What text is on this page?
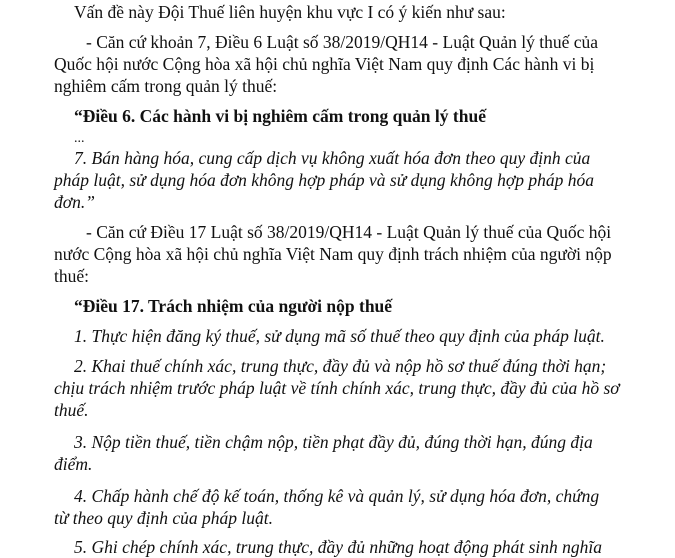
Vấn đề này Đội Thuế liên huyện khu vực I có ý kiến như sau:
- Căn cứ khoản 7, Điều 6 Luật số 38/2019/QH14 - Luật Quản lý thuế của
Quốc hội nước Cộng hòa xã hội chủ nghĩa Việt Nam quy định Các hành vi bị
nghiêm cấm trong quản lý thuế:
“Điều 6. Các hành vi bị nghiêm cấm trong quản lý thuế
...
7. Bán hàng hóa, cung cấp dịch vụ không xuất hóa đơn theo quy định của
pháp luật, sử dụng hóa đơn không hợp pháp và sử dụng không hợp pháp hóa
đơn.”
- Căn cứ Điều 17 Luật số 38/2019/QH14 - Luật Quản lý thuế của Quốc hội
nước Cộng hòa xã hội chủ nghĩa Việt Nam quy định trách nhiệm của người nộp
thuế:
“Điều 17. Trách nhiệm của người nộp thuế
1. Thực hiện đăng ký thuế, sử dụng mã số thuế theo quy định của pháp luật.
2. Khai thuế chính xác, trung thực, đầy đủ và nộp hồ sơ thuế đúng thời hạn;
chịu trách nhiệm trước pháp luật về tính chính xác, trung thực, đầy đủ của hồ sơ
thuế.
3. Nộp tiền thuế, tiền chậm nộp, tiền phạt đầy đủ, đúng thời hạn, đúng địa
điểm.
4. Chấp hành chế độ kế toán, thống kê và quản lý, sử dụng hóa đơn, chứng
từ theo quy định của pháp luật.
5. Ghi chép chính xác, trung thực, đầy đủ những hoạt động phát sinh nghĩa
